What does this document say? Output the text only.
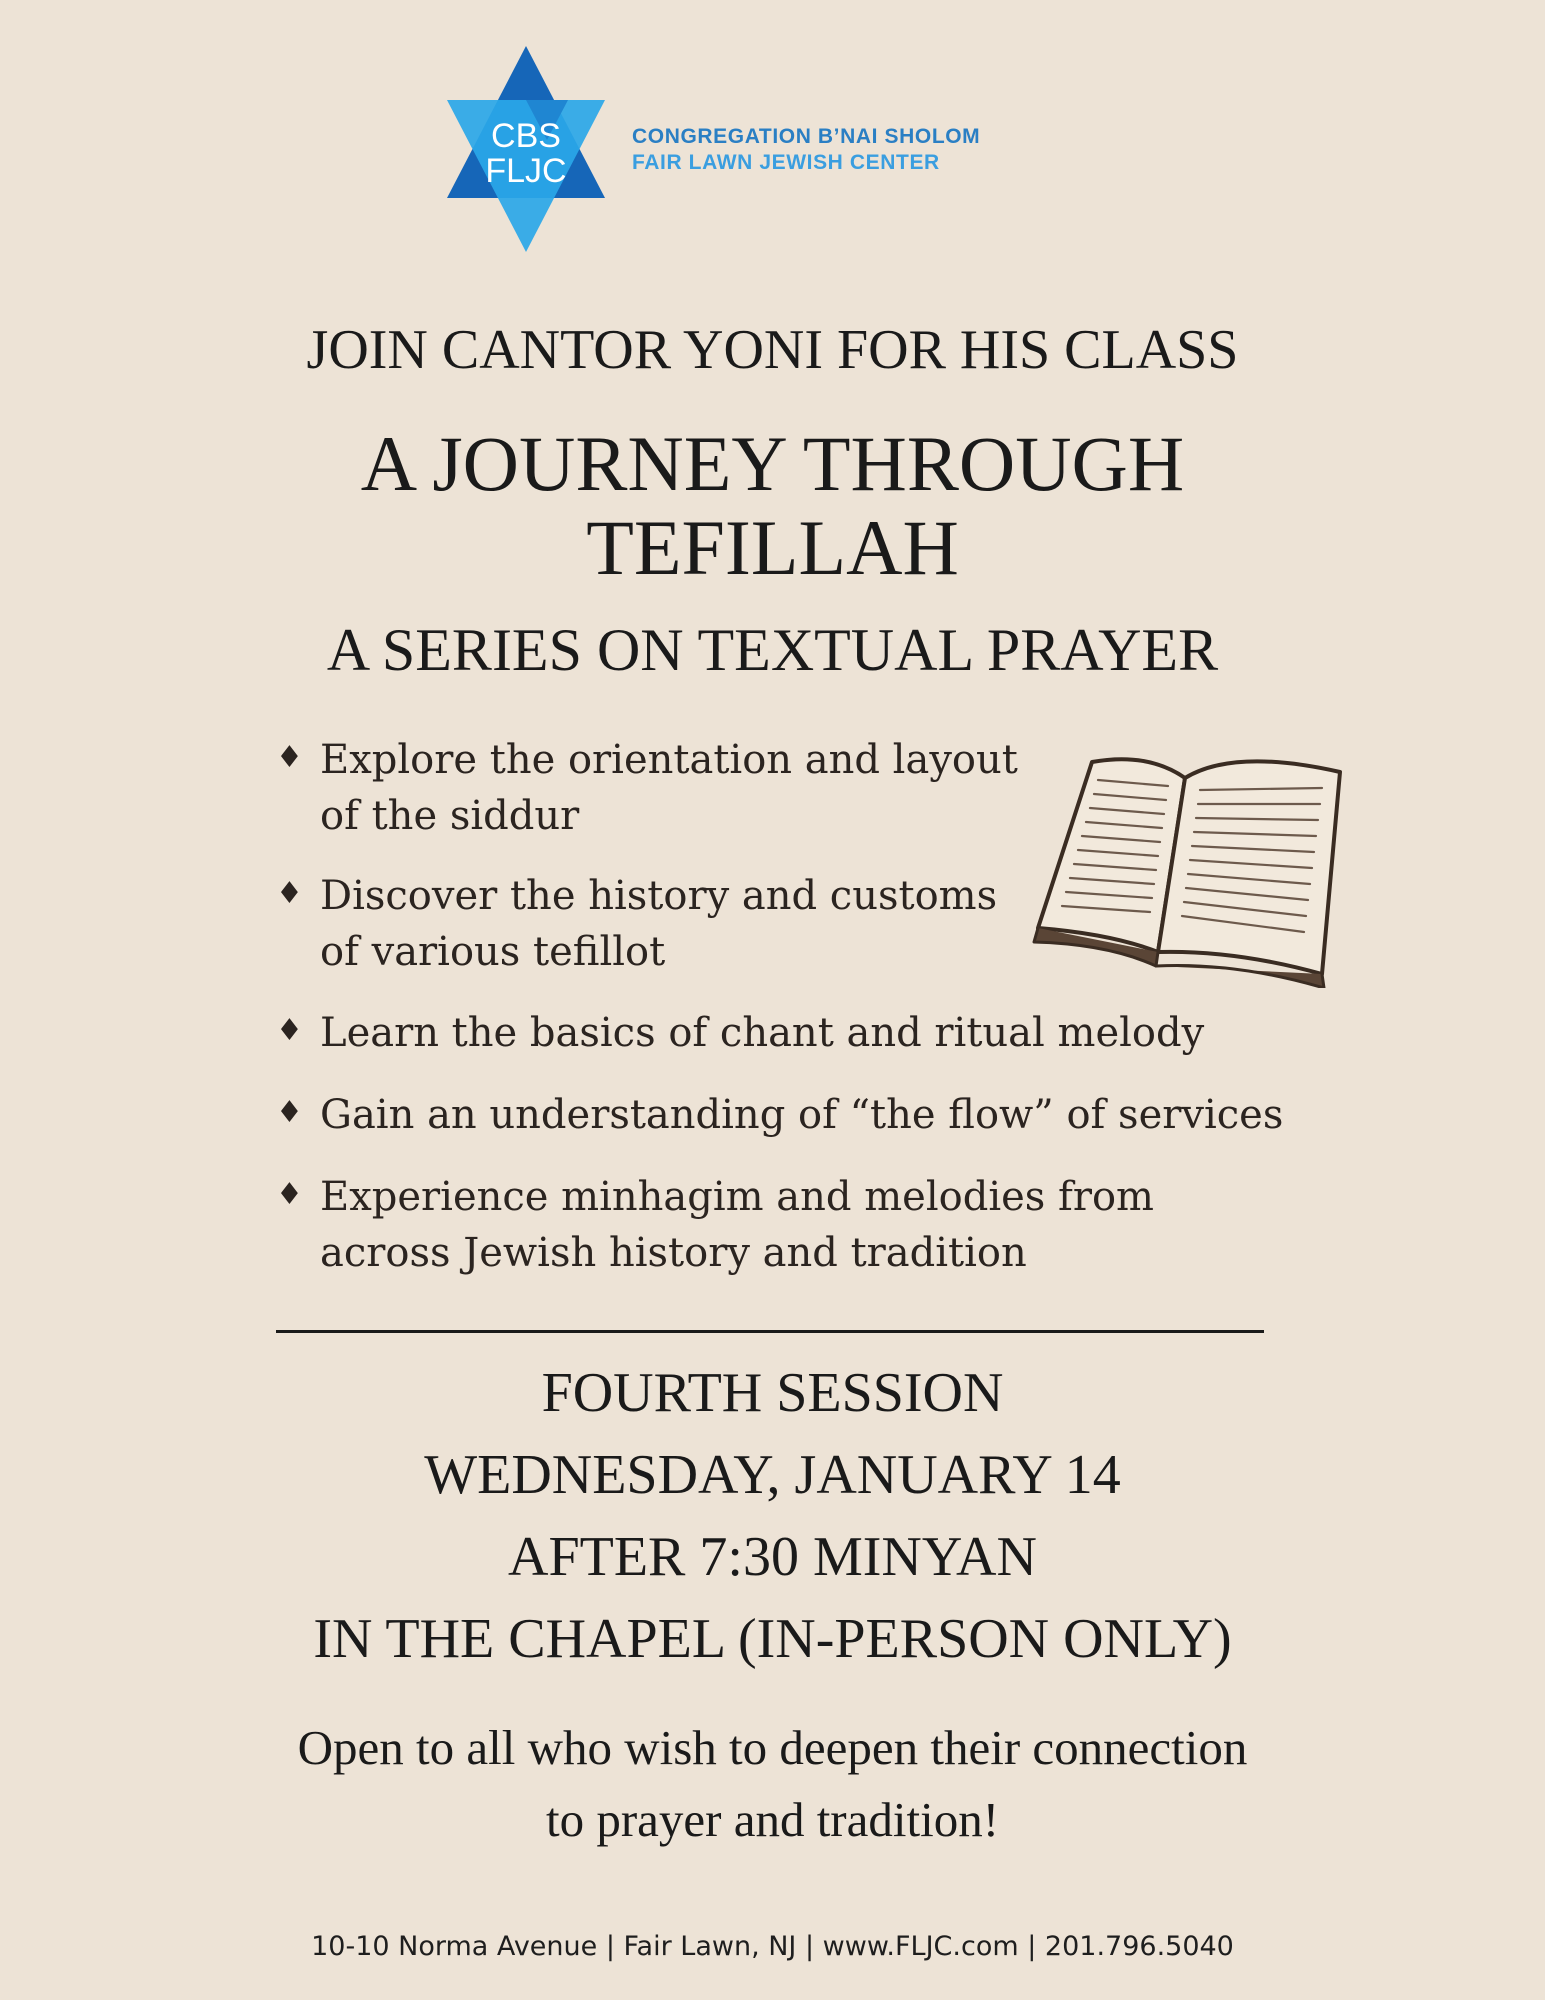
CBS
FLJC
CONGREGATION B’NAI SHOLOM
FAIR LAWN JEWISH CENTER
JOIN CANTOR YONI FOR HIS CLASS
A JOURNEY THROUGH
TEFILLAH
A SERIES ON TEXTUAL PRAYER
♦ Explore the orientation and layout
of the siddur
♦ Discover the history and customs
of various tefillot
♦ Learn the basics of chant and ritual melody
♦ Gain an understanding of “the flow” of services
♦ Experience minhagim and melodies from
across Jewish history and tradition
FOURTH SESSION
WEDNESDAY, JANUARY 14
AFTER 7:30 MINYAN
IN THE CHAPEL (IN-PERSON ONLY)
Open to all who wish to deepen their connection
to prayer and tradition!
10-10 Norma Avenue | Fair Lawn, NJ | www.FLJC.com | 201.796.5040
